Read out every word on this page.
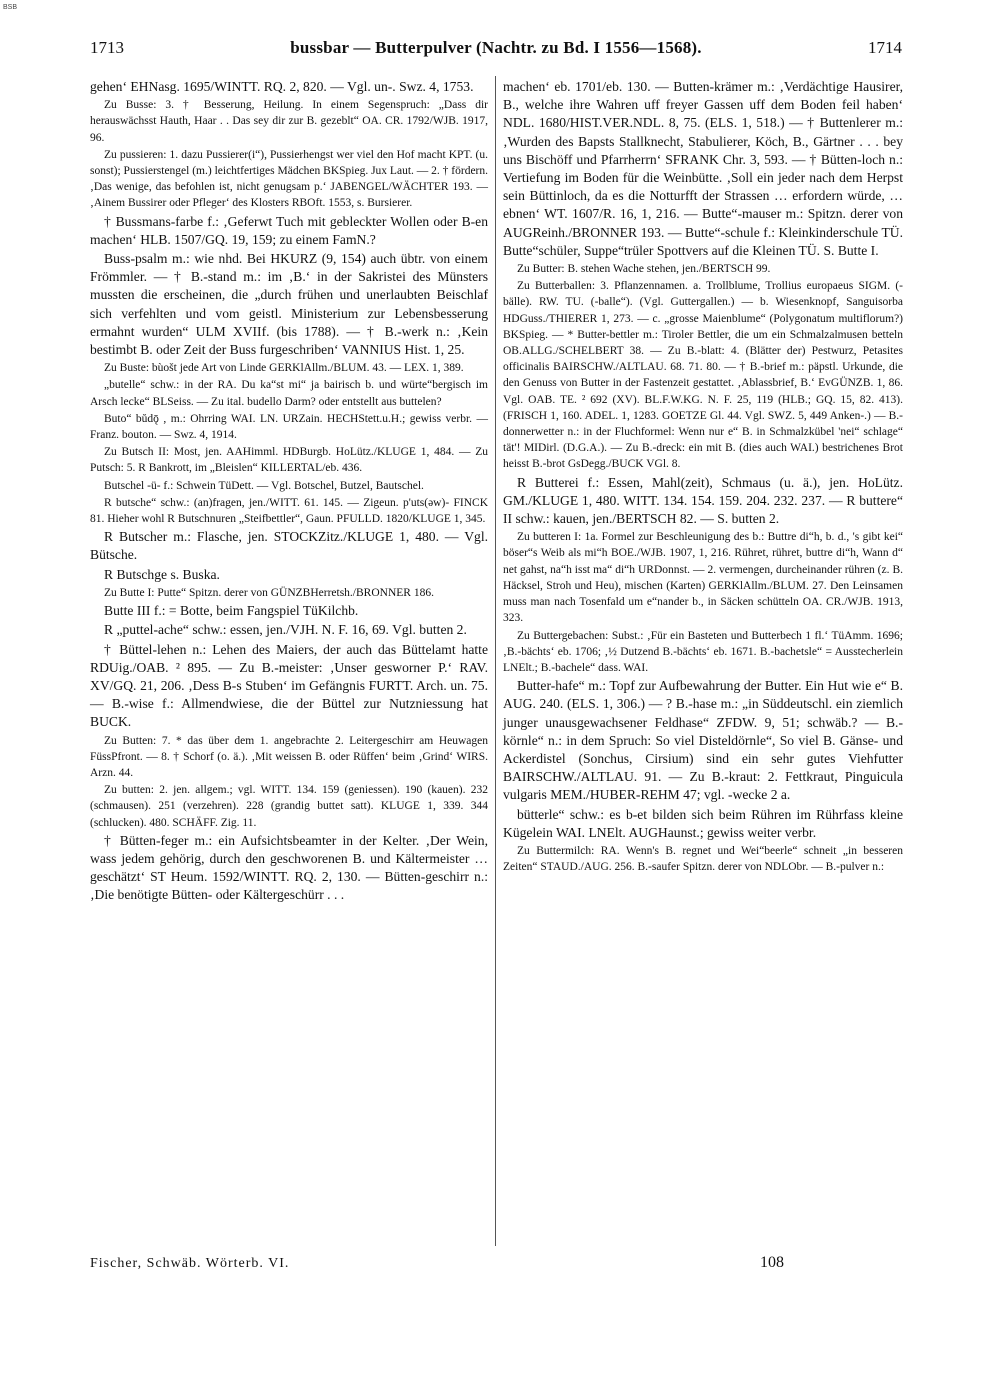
BSB
1713	bussbar — Butterpulver (Nachtr. zu Bd. I 1556—1568).	1714

gehen‘ EHNasg. 1695/WINTT. RQ. 2, 820. — Vgl. un-. Swz. 4, 1753.

Zu Busse: 3. † Besserung, Heilung. In einem Segenspruch: „Dass dir herauswächsst Hauth, Haar . . Das sey dir zur B. gezeblt“ OA. CR. 1792/WJB. 1917, 96.

Zu pussieren: 1. dazu Pussierer(i“), Pussierhengst wer viel den Hof macht KPT. (u. sonst); Pussierstengel (m.) leichtfertiges Mädchen BKSpieg. Jux Laut. — 2. † fördern. ‚Das wenige, das befohlen ist, nicht genugsam p.‘ JABENGEL/WÄCHTER 193. — ‚Ainem Bussirer oder Pfleger‘ des Klosters RBOft. 1553, s. Bursierer.

† Bussmans-farbe f.: ‚Geferwt Tuch mit gebleckter Wollen oder B-en machen‘ HLB. 1507/GQ. 19, 159; zu einem FamN.?

Buss-psalm m.: wie nhd. Bei HKURZ (9, 154) auch übtr. von einem Frömmler. — † B.-stand m.: im ‚B.‘ in der Sakristei des Münsters mussten die erscheinen, die „durch frühen und unerlaubten Beischlaf sich verfehlten und vom geistl. Ministerium zur Lebensbesserung ermahnt wurden“ ULM XVIIf. (bis 1788). — † B.-werk n.: ‚Kein bestimbt B. oder Zeit der Buss furgeschriben‘ VANNIUS Hist. 1, 25.

Zu Buste: bùošt jede Art von Linde GERKlAllm./BLUM. 43. — LEX. 1, 389.

„butelle“ schw.: in der RA. Du ka“st mi“ ja bairisch b. und würte“bergisch im Arsch lecke“ BLSeiss. — Zu ital. budello Darm? oder entstellt aus buttelen?

Buto“ bŭdǭ , m.: Ohrring WAI. LN. URZain. HECHStett.u.H.; gewiss verbr. — Franz. bouton. — Swz. 4, 1914.

Zu Butsch II: Most, jen. AAHimml. HDBurgb. HoLütz./KLUGE 1, 484. — Zu Putsch: 5. R Bankrott, im „Bleislen“ KILLERTAL/eb. 436.

Butschel -ü- f.: Schwein TüDett. — Vgl. Botschel, Butzel, Bautschel.

R butsche“ schw.: (an)fragen, jen./WITT. 61. 145. — Zigeun. p'uts(ǝw)- FINCK 81. Hieher wohl R Butschnuren „Steifbettler“, Gaun. PFULLD. 1820/KLUGE 1, 345.

R Butscher m.: Flasche, jen. STOCKZitz./KLUGE 1, 480. — Vgl. Bütsche.

R Butschge s. Buska.

Zu Butte I: Putte“ Spitzn. derer von GÜNZBHerretsh./BRONNER 186.

Butte III f.: = Botte, beim Fangspiel TüKilchb.

R „puttel-ache“ schw.: essen, jen./VJH. N. F. 16, 69. Vgl. butten 2.

† Büttel-lehen n.: Lehen des Maiers, der auch das Büttelamt hatte RDUig./OAB. ² 895. — Zu B.-meister: ‚Unser gesworner P.‘ RAV. XV/GQ. 21, 206. ‚Dess B-s Stuben‘ im Gefängnis FURTT. Arch. un. 75. — B.-wise f.: Allmendwiese, die der Büttel zur Nutzniessung hat BUCK.

Zu Butten: 7. * das über dem 1. angebrachte 2. Leitergeschirr am Heuwagen FüssPfront. — 8. † Schorf (o. ä.). ‚Mit weissen B. oder Rüffen‘ beim ‚Grind‘ WIRS. Arzn. 44.

Zu butten: 2. jen. allgem.; vgl. WITT. 134. 159 (geniessen). 190 (kauen). 232 (schmausen). 251 (verzehren). 228 (grandig buttet satt). KLUGE 1, 339. 344 (schlucken). 480. SCHÄFF. Zig. 11.

† Bütten-feger m.: ein Aufsichtsbeamter in der Kelter. ‚Der Wein, wass jedem gehörig, durch den geschworenen B. und Kältermeister … geschätzt‘ ST Heum. 1592/WINTT. RQ. 2, 130. — Bütten-geschirr n.: ‚Die benötigte Bütten- oder Kältergeschürr . . .

machen‘ eb. 1701/eb. 130. — Butten-krämer m.: ‚Verdächtige Hausirer, B., welche ihre Wahren uff freyer Gassen uff dem Boden feil haben‘ NDL. 1680/HIST.VER.NDL. 8, 75. (ELS. 1, 518.) — † Buttenlerer m.: ‚Wurden des Bapsts Stallknecht, Stabulierer, Köch, B., Gärtner . . . bey uns Bischöff und Pfarrherrn‘ SFRANK Chr. 3, 593. — † Bütten-loch n.: Vertiefung im Boden für die Weinbütte. ‚Soll ein jeder nach dem Herpst sein Büttinloch, da es die Notturfft der Strassen … erfordern würde, … ebnen‘ WT. 1607/R. 16, 1, 216. — Butte“-mauser m.: Spitzn. derer von AUGReinh./BRONNER 193. — Butte“-schule f.: Kleinkinderschule TÜ. Butte“schüler, Suppe“trüler Spottvers auf die Kleinen TÜ. S. Butte I.

Zu Butter: B. stehen Wache stehen, jen./BERTSCH 99.

Zu Butterballen: 3. Pflanzennamen. a. Trollblume, Trollius europaeus SIGM. (-bälle). RW. TU. (-balle“). (Vgl. Guttergallen.) — b. Wiesenknopf, Sanguisorba HDGuss./THIERER 1, 273. — c. „grosse Maienblume“ (Polygonatum multiflorum?) BKSpieg. — * Butter-bettler m.: Tiroler Bettler, die um ein Schmalzalmusen betteln OB.ALLG./SCHELBERT 38. — Zu B.-blatt: 4. (Blätter der) Pestwurz, Petasites officinalis BAIRSCHW./ALTLAU. 68. 71. 80. — † B.-brief m.: päpstl. Urkunde, die den Genuss von Butter in der Fastenzeit gestattet. ‚Ablassbrief, B.‘ EvGÜNZB. 1, 86. Vgl. OAB. TE. ² 692 (XV). BL.F.W.KG. N. F. 25, 119 (HLB.; GQ. 15, 82. 413). (FRISCH 1, 160. ADEL. 1, 1283. GOETZE Gl. 44. Vgl. SWZ. 5, 449 Anken-.) — B.-donnerwetter n.: in der Fluchformel: Wenn nur e“ B. in Schmalzkübel 'nei“ schlage“ tät'! MIDirl. (D.G.A.). — Zu B.-dreck: ein mit B. (dies auch WAI.) bestrichenes Brot heisst B.-brot GsDegg./BUCK VGl. 8.

R Butterei f.: Essen, Mahl(zeit), Schmaus (u. ä.), jen. HoLütz. GM./KLUGE 1, 480. WITT. 134. 154. 159. 204. 232. 237. — R buttere“ II schw.: kauen, jen./BERTSCH 82. — S. butten 2.

Zu butteren I: 1a. Formel zur Beschleunigung des b.: Buttre di“h, b. d., 's gibt kei“ böser“s Weib als mi“h BOE./WJB. 1907, 1, 216. Rühret, rühret, buttre di“h, Wann d“ net gahst, na“h isst ma“ di“h URDonnst. — 2. vermengen, durcheinander rühren (z. B. Häcksel, Stroh und Heu), mischen (Karten) GERKlAllm./BLUM. 27. Den Leinsamen muss man nach Tosenfald um e“nander b., in Säcken schütteln OA. CR./WJB. 1913, 323.

Zu Buttergebachen: Subst.: ‚Für ein Basteten und Butterbech 1 fl.‘ TüAmm. 1696; ‚B.-bächts‘ eb. 1706; ‚½ Dutzend B.-bächts‘ eb. 1671. B.-bachetsle“ = Ausstecherlein LNElt.; B.-bachele“ dass. WAI.

Butter-hafe“ m.: Topf zur Aufbewahrung der Butter. Ein Hut wie e“ B. AUG. 240. (ELS. 1, 306.) — ? B.-hase m.: „in Süddeutschl. ein ziemlich junger unausgewachsener Feldhase“ ZFDW. 9, 51; schwäb.? — B.-körnle“ n.: in dem Spruch: So viel Disteldörnle“, So viel B. Gänse- und Ackerdistel (Sonchus, Cirsium) sind ein sehr gutes Viehfutter BAIRSCHW./ALTLAU. 91. — Zu B.-kraut: 2. Fettkraut, Pinguicula vulgaris MEM./HUBER-REHM 47; vgl. -wecke 2 a.

bütterle“ schw.: es b-et bilden sich beim Rühren im Rührfass kleine Kügelein WAI. LNElt. AUGHaunst.; gewiss weiter verbr.

Zu Buttermilch: RA. Wenn's B. regnet und Wei“beerle“ schneit „in besseren Zeiten“ STAUD./AUG. 256. B.-saufer Spitzn. derer von NDLObr. — B.-pulver n.:

Fischer, Schwäb. Wörterb. VI.	108
